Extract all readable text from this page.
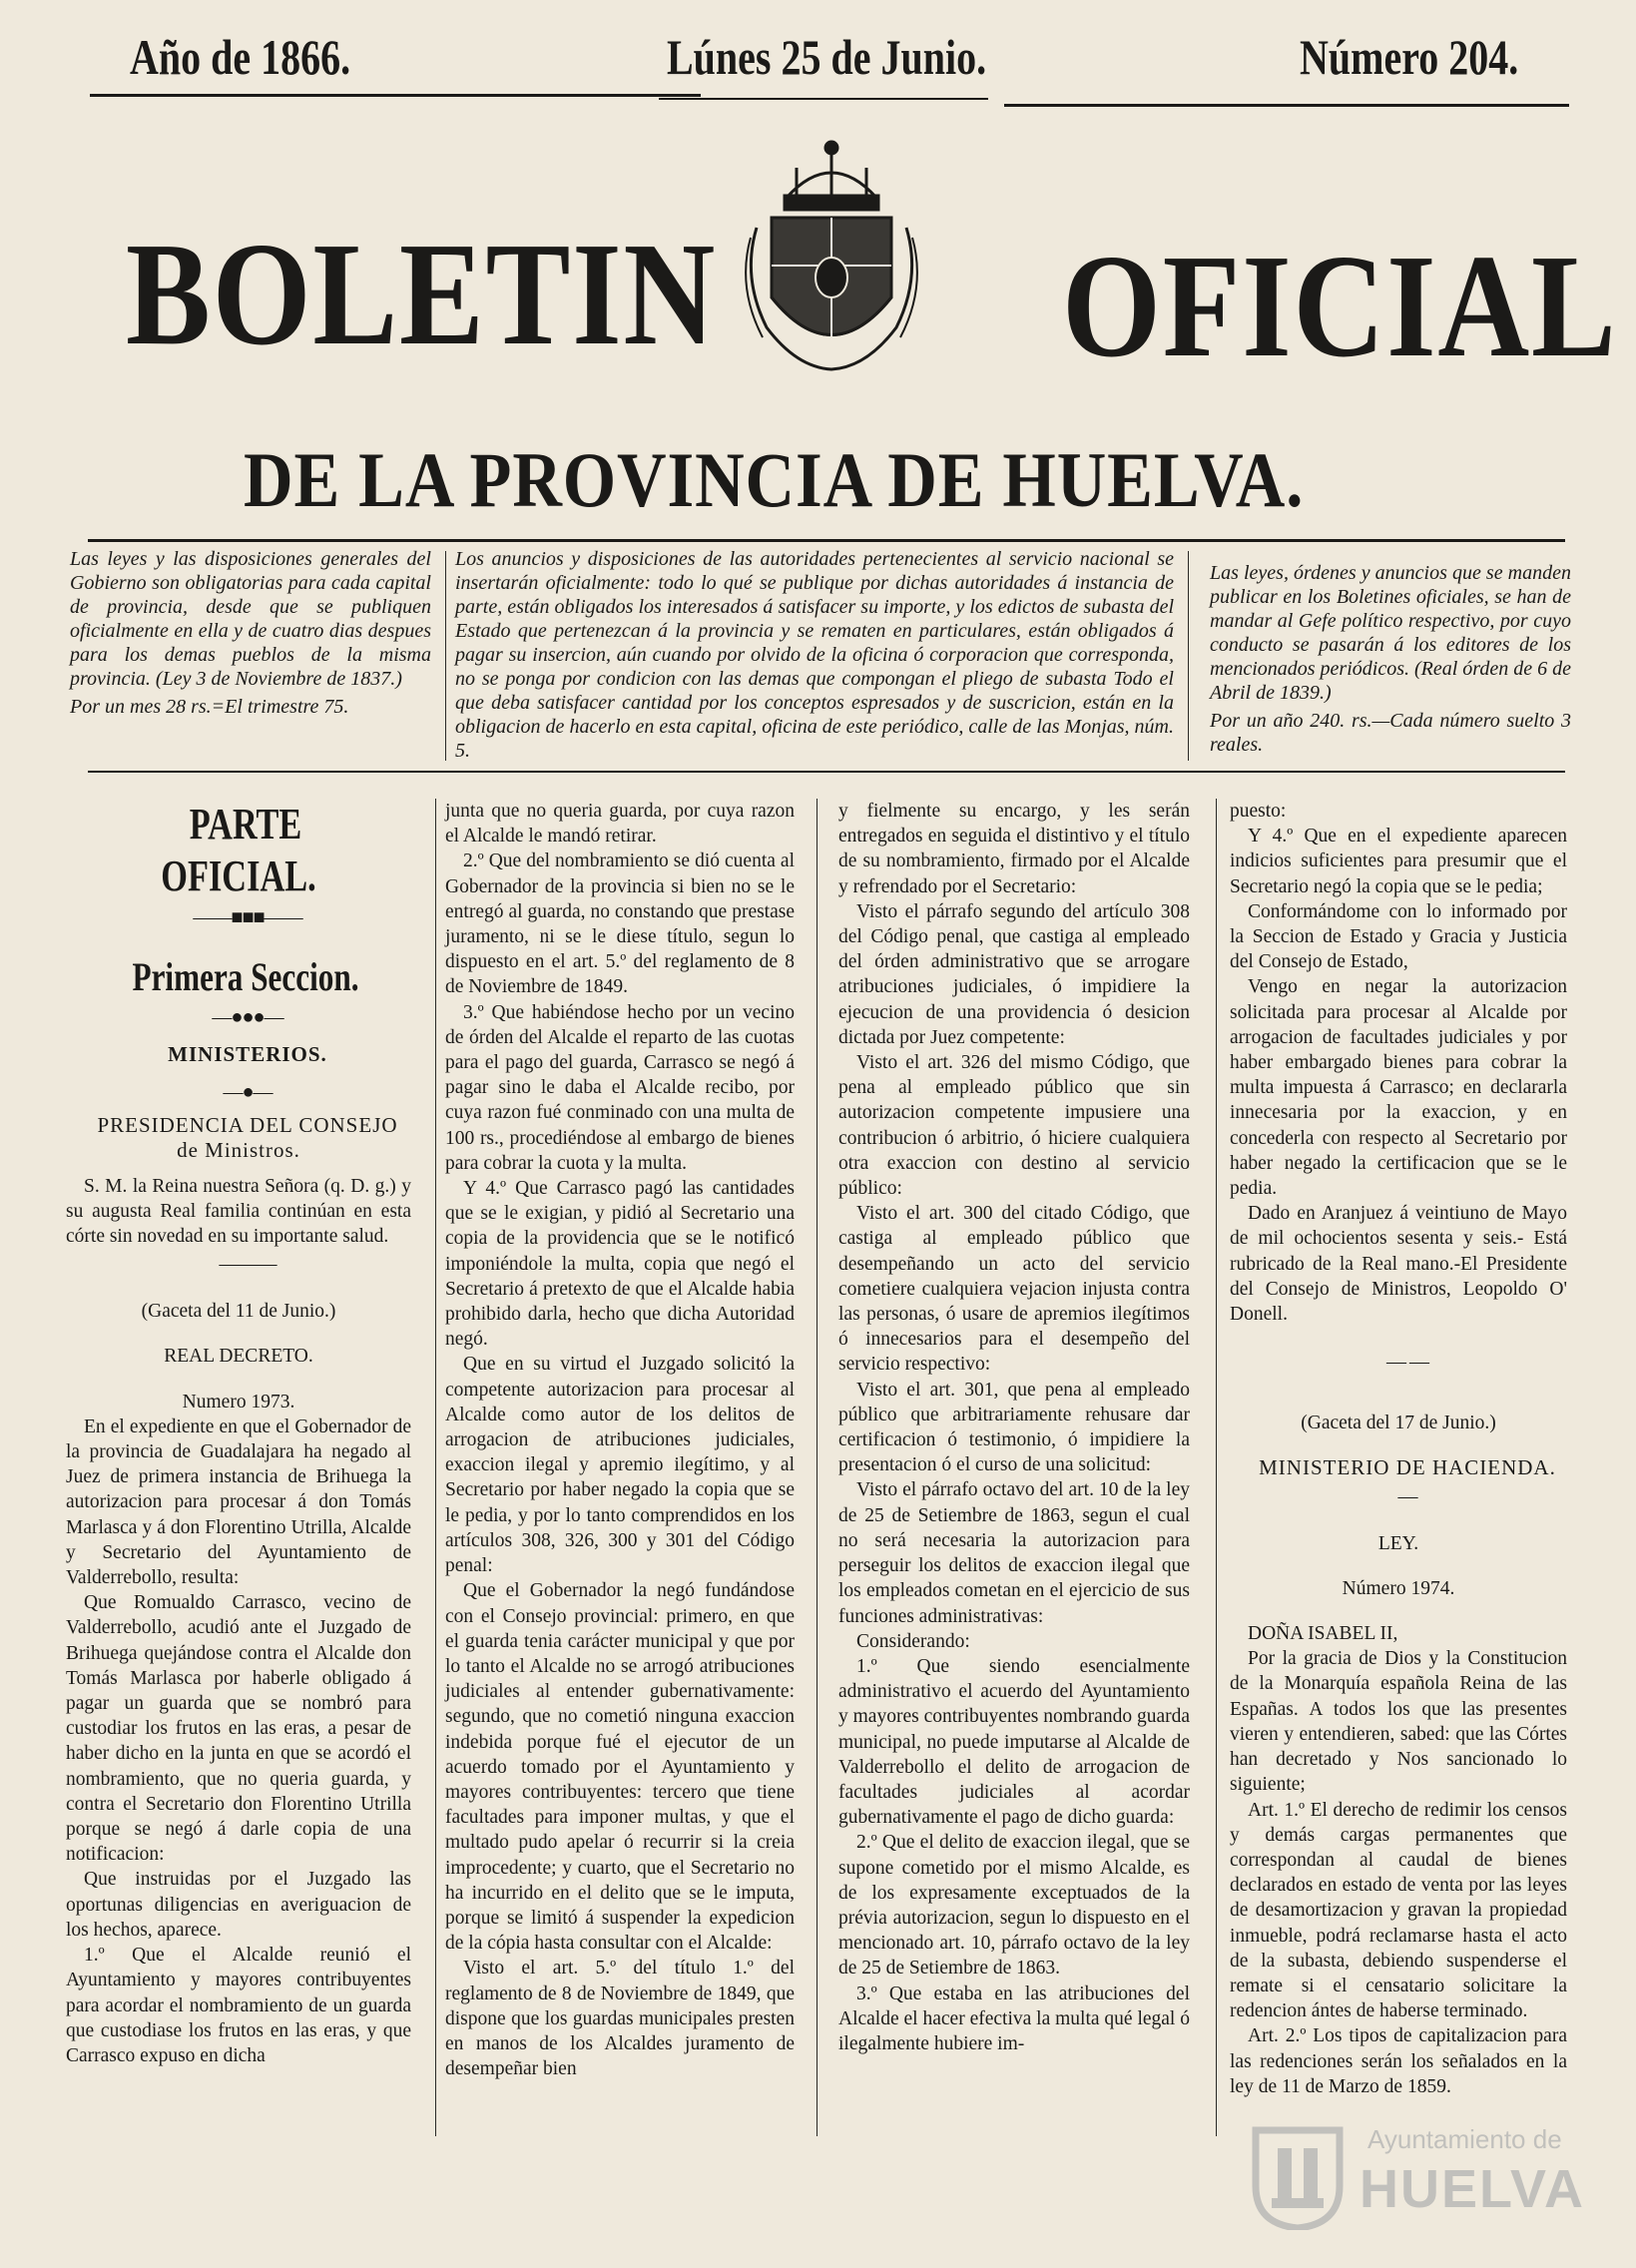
Año de 1866.	Lúnes 25 de Junio.	Número 204.
BOLETIN OFICIAL
DE LA PROVINCIA DE HUELVA.

Las leyes y las disposiciones generales del Gobierno son obligatorias para cada capital de provincia, desde que se publiquen oficialmente en ella y de cuatro dias despues para los demas pueblos de la misma provincia. (Ley 3 de Noviembre de 1837.)

Por un mes 28 rs.=El trimestre 75.

Los anuncios y disposiciones de las autoridades pertenecientes al servicio nacional se insertarán oficialmente: todo lo qué se publique por dichas autoridades á instancia de parte, están obligados los interesados á satisfacer su importe, y los edictos de subasta del Estado que pertenezcan á la provincia y se rematen en particulares, están obligados á pagar su insercion, aún cuando por olvido de la oficina ó corporacion que corresponda, no se ponga por condicion con las demas que compongan el pliego de subasta Todo el que deba satisfacer cantidad por los conceptos espresados y de suscricion, están en la obligacion de hacerlo en esta capital, oficina de este periódico, calle de las Monjas, núm. 5.

Las leyes, órdenes y anuncios que se manden publicar en los Boletines oficiales, se han de mandar al Gefe político respectivo, por cuyo conducto se pasarán á los editores de los mencionados periódicos. (Real órden de 6 de Abril de 1839.)

Por un año 240. rs.—Cada número suelto 3 reales.

PARTE OFICIAL.

——■■■——

Primera Seccion.

—●●●—

MINISTERIOS.

—●—

PRESIDENCIA DEL CONSEJO de Ministros.

S. M. la Reina nuestra Señora (q. D. g.) y su augusta Real familia continúan en esta córte sin novedad en su importante salud.

———

(Gaceta del 11 de Junio.)

REAL DECRETO.

Numero 1973.

En el expediente en que el Gobernador de la provincia de Guadalajara ha negado al Juez de primera instancia de Brihuega la autorizacion para procesar á don Tomás Marlasca y á don Florentino Utrilla, Alcalde y Secretario del Ayuntamiento de Valderrebollo, resulta:

Que Romualdo Carrasco, vecino de Valderrebollo, acudió ante el Juzgado de Brihuega quejándose contra el Alcalde don Tomás Marlasca por haberle obligado á pagar un guarda que se nombró para custodiar los frutos en las eras, a pesar de haber dicho en la junta en que se acordó el nombramiento, que no queria guarda, y contra el Secretario don Florentino Utrilla porque se negó á darle copia de una notificacion:

Que instruidas por el Juzgado las oportunas diligencias en averiguacion de los hechos, aparece.

1.º Que el Alcalde reunió el Ayuntamiento y mayores contribuyentes para acordar el nombramiento de un guarda que custodiase los frutos en las eras, y que Carrasco expuso en dicha

junta que no queria guarda, por cuya razon el Alcalde le mandó retirar.

2.º Que del nombramiento se dió cuenta al Gobernador de la provincia si bien no se le entregó al guarda, no constando que prestase juramento, ni se le diese título, segun lo dispuesto en el art. 5.º del reglamento de 8 de Noviembre de 1849.

3.º Que habiéndose hecho por un vecino de órden del Alcalde el reparto de las cuotas para el pago del guarda, Carrasco se negó á pagar sino le daba el Alcalde recibo, por cuya razon fué conminado con una multa de 100 rs., procediéndose al embargo de bienes para cobrar la cuota y la multa.

Y 4.º Que Carrasco pagó las cantidades que se le exigian, y pidió al Secretario una copia de la providencia que se le notificó imponiéndole la multa, copia que negó el Secretario á pretexto de que el Alcalde habia prohibido darla, hecho que dicha Autoridad negó.

Que en su virtud el Juzgado solicitó la competente autorizacion para procesar al Alcalde como autor de los delitos de arrogacion de atribuciones judiciales, exaccion ilegal y apremio ilegítimo, y al Secretario por haber negado la copia que se le pedia, y por lo tanto comprendidos en los artículos 308, 326, 300 y 301 del Código penal:

Que el Gobernador la negó fundándose con el Consejo provincial: primero, en que el guarda tenia carácter municipal y que por lo tanto el Alcalde no se arrogó atribuciones judiciales al entender gubernativamente: segundo, que no cometió ninguna exaccion indebida porque fué el ejecutor de un acuerdo tomado por el Ayuntamiento y mayores contribuyentes: tercero que tiene facultades para imponer multas, y que el multado pudo apelar ó recurrir si la creia improcedente; y cuarto, que el Secretario no ha incurrido en el delito que se le imputa, porque se limitó á suspender la expedicion de la cópia hasta consultar con el Alcalde:

Visto el art. 5.º del título 1.º del reglamento de 8 de Noviembre de 1849, que dispone que los guardas municipales presten en manos de los Alcaldes juramento de desempeñar bien

y fielmente su encargo, y les serán entregados en seguida el distintivo y el título de su nombramiento, firmado por el Alcalde y refrendado por el Secretario:

Visto el párrafo segundo del artículo 308 del Código penal, que castiga al empleado del órden administrativo que se arrogare atribuciones judiciales, ó impidiere la ejecucion de una providencia ó desicion dictada por Juez competente:

Visto el art. 326 del mismo Código, que pena al empleado público que sin autorizacion competente impusiere una contribucion ó arbitrio, ó hiciere cualquiera otra exaccion con destino al servicio público:

Visto el art. 300 del citado Código, que castiga al empleado público que desempeñando un acto del servicio cometiere cualquiera vejacion injusta contra las personas, ó usare de apremios ilegítimos ó innecesarios para el desempeño del servicio respectivo:

Visto el art. 301, que pena al empleado público que arbitrariamente rehusare dar certificacion ó testimonio, ó impidiere la presentacion ó el curso de una solicitud:

Visto el párrafo octavo del art. 10 de la ley de 25 de Setiembre de 1863, segun el cual no será necesaria la autorizacion para perseguir los delitos de exaccion ilegal que los empleados cometan en el ejercicio de sus funciones administrativas:

Considerando:

1.º Que siendo esencialmente administrativo el acuerdo del Ayuntamiento y mayores contribuyentes nombrando guarda municipal, no puede imputarse al Alcalde de Valderrebollo el delito de arrogacion de facultades judiciales al acordar gubernativamente el pago de dicho guarda:

2.º Que el delito de exaccion ilegal, que se supone cometido por el mismo Alcalde, es de los expresamente exceptuados de la prévia autorizacion, segun lo dispuesto en el mencionado art. 10, párrafo octavo de la ley de 25 de Setiembre de 1863.

3.º Que estaba en las atribuciones del Alcalde el hacer efectiva la multa qué legal ó ilegalmente hubiere im-

puesto:

Y 4.º Que en el expediente aparecen indicios suficientes para presumir que el Secretario negó la copia que se le pedia;

Conformándome con lo informado por la Seccion de Estado y Gracia y Justicia del Consejo de Estado,

Vengo en negar la autorizacion solicitada para procesar al Alcalde por arrogacion de facultades judiciales y por haber embargado bienes para cobrar la multa impuesta á Carrasco; en declararla innecesaria por la exaccion, y en concederla con respecto al Secretario por haber negado la certificacion que se le pedia.

Dado en Aranjuez á veintiuno de Mayo de mil ochocientos sesenta y seis.- Está rubricado de la Real mano.-El Presidente del Consejo de Ministros, Leopoldo O' Donell.

— —

(Gaceta del 17 de Junio.)

MINISTERIO DE HACIENDA.

—

LEY.

Número 1974.

DOÑA ISABEL II,

Por la gracia de Dios y la Constitucion de la Monarquía española Reina de las Españas. A todos los que las presentes vieren y entendieren, sabed: que las Córtes han decretado y Nos sancionado lo siguiente;

Art. 1.º El derecho de redimir los censos y demás cargas permanentes que correspondan al caudal de bienes declarados en estado de venta por las leyes de desamortizacion y gravan la propiedad inmueble, podrá reclamarse hasta el acto de la subasta, debiendo suspenderse el remate si el censatario solicitare la redencion ántes de haberse terminado.

Art. 2.º Los tipos de capitalizacion para las redenciones serán los señalados en la ley de 11 de Marzo de 1859.

Ayuntamiento de
HUELVA
